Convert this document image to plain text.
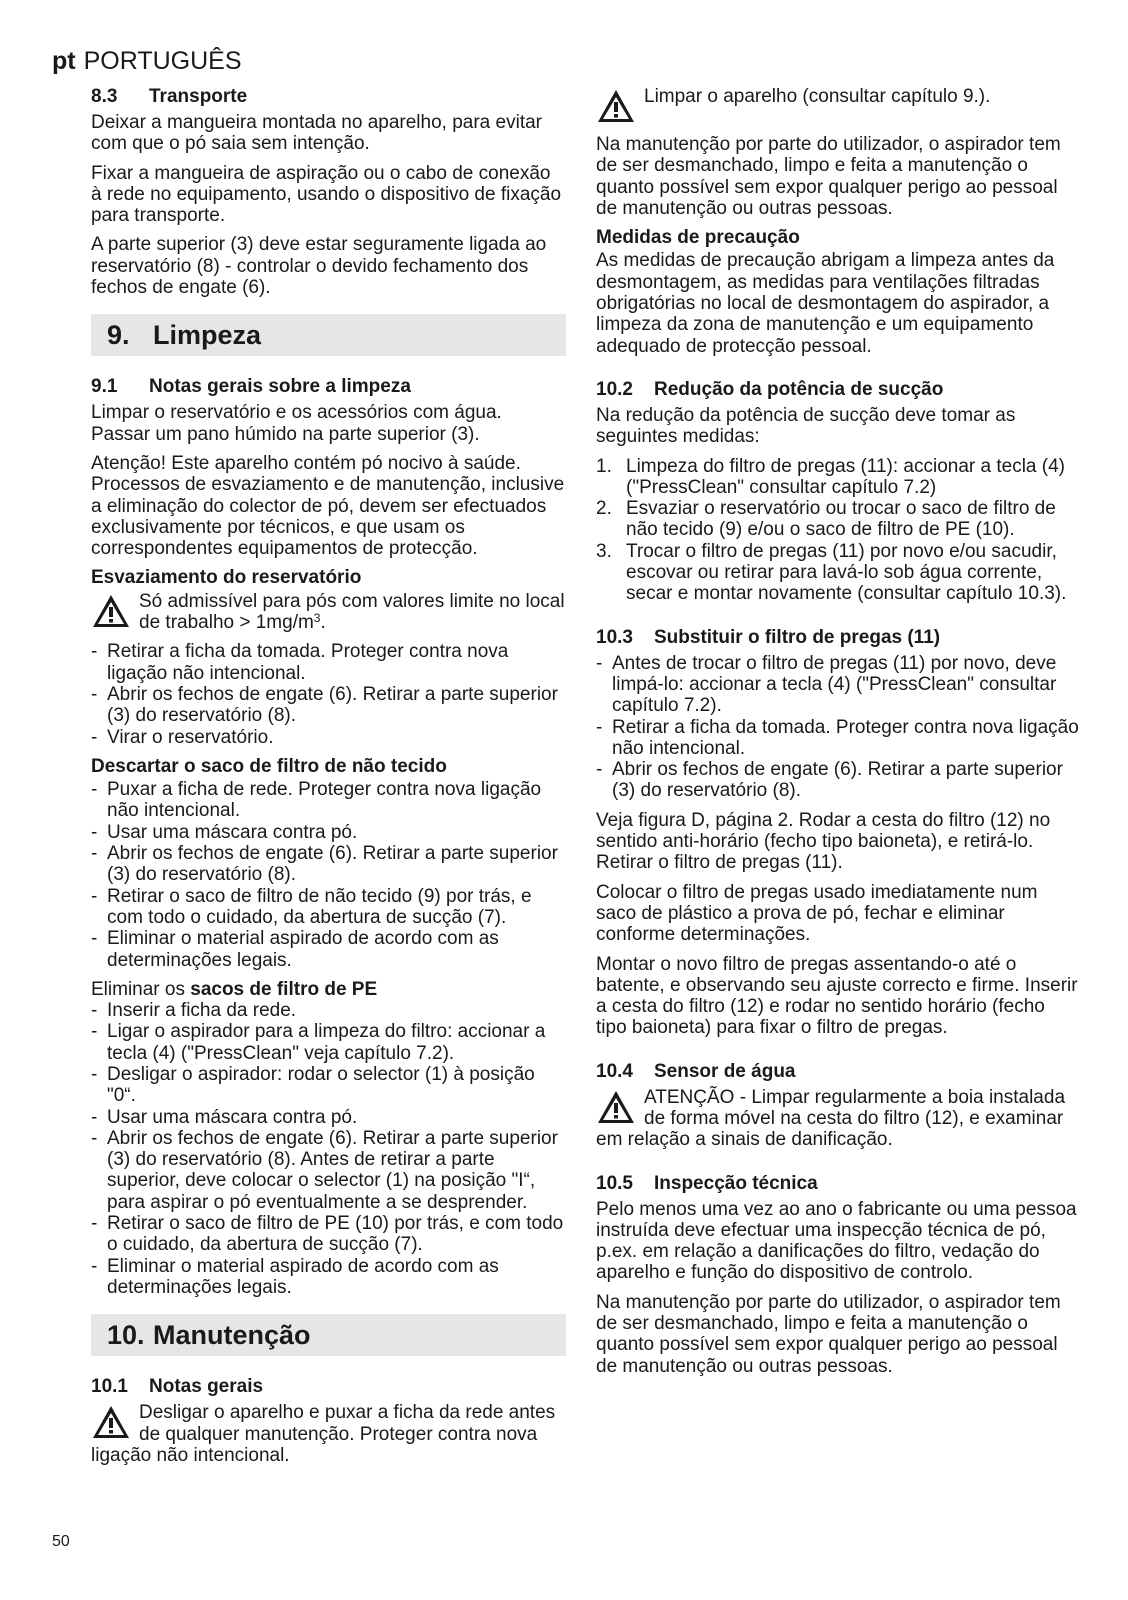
pt PORTUGUÊS
8.3 Transporte

Deixar a mangueira montada no aparelho, para evitar com que o pó saia sem intenção.

Fixar a mangueira de aspiração ou o cabo de conexão à rede no equipamento, usando o dispositivo de fixação para transporte.

A parte superior (3) deve estar seguramente ligada ao reservatório (8) - controlar o devido fechamento dos fechos de engate (6).

9. Limpeza
9.1 Notas gerais sobre a limpeza

Limpar o reservatório e os acessórios com água. Passar um pano húmido na parte superior (3).

Atenção! Este aparelho contém pó nocivo à saúde. Processos de esvaziamento e de manutenção, inclusive a eliminação do colector de pó, devem ser efectuados exclusivamente por técnicos, e que usam os correspondentes equipamentos de protecção.

Esvaziamento do reservatório

Só admissível para pós com valores limite no local de trabalho > $1mg/m^3$.

- Retirar a ficha da tomada. Proteger contra nova ligação não intencional.
- Abrir os fechos de engate (6). Retirar a parte superior (3) do reservatório (8).
- Virar o reservatório.
Descartar o saco de filtro de não tecido
- Puxar a ficha de rede. Proteger contra nova ligação não intencional.
- Usar uma máscara contra pó.
- Abrir os fechos de engate (6). Retirar a parte superior (3) do reservatório (8).
- Retirar o saco de filtro de não tecido (9) por trás, e com todo o cuidado, da abertura de sucção (7).
- Eliminar o material aspirado de acordo com as determinações legais.

Eliminar os sacos de filtro de PE

- Inserir a ficha da rede.
- Ligar o aspirador para a limpeza do filtro: accionar a tecla (4) ("PressClean" veja capítulo 7.2).
- Desligar o aspirador: rodar o selector (1) à posição "0“.
- Usar uma máscara contra pó.
- Abrir os fechos de engate (6). Retirar a parte superior (3) do reservatório (8). Antes de retirar a parte superior, deve colocar o selector (1) na posição "I“, para aspirar o pó eventualmente a se desprender.
- Retirar o saco de filtro de PE (10) por trás, e com todo o cuidado, da abertura de sucção (7).
- Eliminar o material aspirado de acordo com as determinações legais.
10. Manutenção
10.1 Notas gerais

Desligar o aparelho e puxar a ficha da rede antes de qualquer manutenção. Proteger contra nova ligação não intencional.

Limpar o aparelho (consultar capítulo 9.).

Na manutenção por parte do utilizador, o aspirador tem de ser desmanchado, limpo e feita a manutenção o quanto possível sem expor qualquer perigo ao pessoal de manutenção ou outras pessoas.

Medidas de precaução

As medidas de precaução abrigam a limpeza antes da desmontagem, as medidas para ventilações filtradas obrigatórias no local de desmontagem do aspirador, a limpeza da zona de manutenção e um equipamento adequado de protecção pessoal.

10.2 Redução da potência de sucção

Na redução da potência de sucção deve tomar as seguintes medidas:

1. Limpeza do filtro de pregas (11): accionar a tecla (4) ("PressClean" consultar capítulo 7.2)
2. Esvaziar o reservatório ou trocar o saco de filtro de não tecido (9) e/ou o saco de filtro de PE (10).
3. Trocar o filtro de pregas (11) por novo e/ou sacudir, escovar ou retirar para lavá-lo sob água corrente, secar e montar novamente (consultar capítulo 10.3).
10.3 Substituir o filtro de pregas (11)
- Antes de trocar o filtro de pregas (11) por novo, deve limpá-lo: accionar a tecla (4) ("PressClean" consultar capítulo 7.2).
- Retirar a ficha da tomada. Proteger contra nova ligação não intencional.
- Abrir os fechos de engate (6). Retirar a parte superior (3) do reservatório (8).

Veja figura D, página 2. Rodar a cesta do filtro (12) no sentido anti-horário (fecho tipo baioneta), e retirá-lo. Retirar o filtro de pregas (11).

Colocar o filtro de pregas usado imediatamente num saco de plástico a prova de pó, fechar e eliminar conforme determinações.

Montar o novo filtro de pregas assentando-o até o batente, e observando seu ajuste correcto e firme. Inserir a cesta do filtro (12) e rodar no sentido horário (fecho tipo baioneta) para fixar o filtro de pregas.

10.4 Sensor de água

ATENÇÃO - Limpar regularmente a boia instalada de forma móvel na cesta do filtro (12), e examinar em relação a sinais de danificação.

10.5 Inspecção técnica

Pelo menos uma vez ao ano o fabricante ou uma pessoa instruída deve efectuar uma inspecção técnica de pó, p.ex. em relação a danificações do filtro, vedação do aparelho e função do dispositivo de controlo.

Na manutenção por parte do utilizador, o aspirador tem de ser desmanchado, limpo e feita a manutenção o quanto possível sem expor qualquer perigo ao pessoal de manutenção ou outras pessoas.

50
